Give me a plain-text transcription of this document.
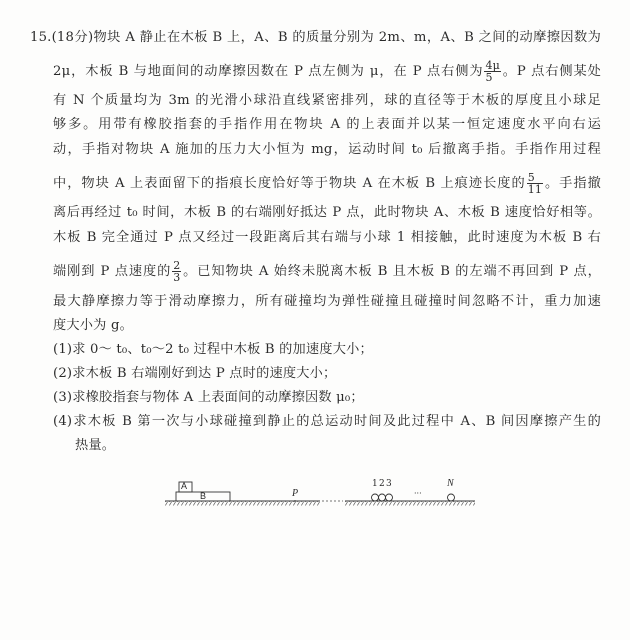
15.(18分)物块 A 静止在木板 B 上，A、B 的质量分别为 2m、m，A、B 之间的动摩擦因数为
2μ，木板 B 与地面间的动摩擦因数在 P 点左侧为 μ，在 P 点右侧为 $\frac{4\mu}{5}$ 。P 点右侧某处
有 N 个质量均为 3m 的光滑小球沿直线紧密排列，球的直径等于木板的厚度且小球足
够多。用带有橡胶指套的手指作用在物块 A 的上表面并以某一恒定速度水平向右运
动，手指对物块 A 施加的压力大小恒为 mg，运动时间 t₀ 后撤离手指。手指作用过程
中，物块 A 上表面留下的指痕长度恰好等于物块 A 在木板 B 上痕迹长度的 $\frac{5}{11}$ 。手指撤
离后再经过 t₀ 时间，木板 B 的右端刚好抵达 P 点，此时物块 A、木板 B 速度恰好相等。
木板 B 完全通过 P 点又经过一段距离后其右端与小球 1 相接触，此时速度为木板 B 右
端刚到 P 点速度的 $\frac{2}{3}$ 。已知物块 A 始终未脱离木板 B 且木板 B 的左端不再回到 P 点，
最大静摩擦力等于滑动摩擦力，所有碰撞均为弹性碰撞且碰撞时间忽略不计，重力加速
度大小为 g。
(1)求 0～ t₀、t₀～2 t₀ 过程中木板 B 的加速度大小；
(2)求木板 B 右端刚好到达 P 点时的速度大小；
(3)求橡胶指套与物体 A 上表面间的动摩擦因数 μ₀；
(4)求木板 B 第一次与小球碰撞到静止的总运动时间及此过程中 A、B 间因摩擦产生的
热量。
A
B	P
1 2 3
···
N
